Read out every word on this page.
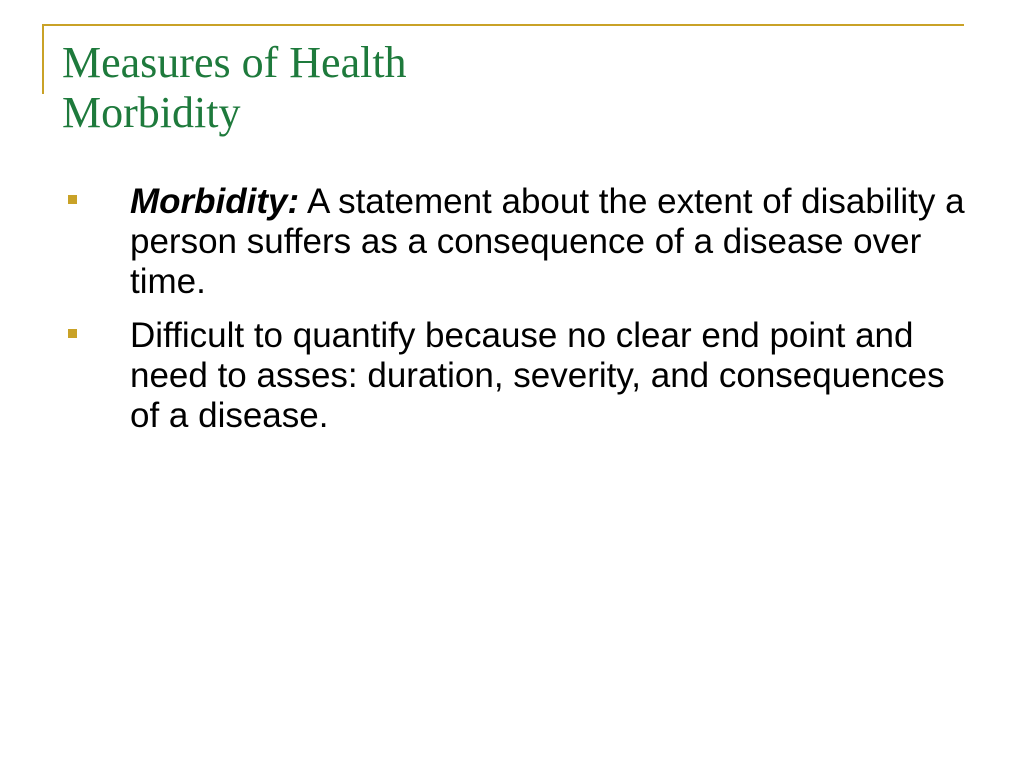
Measures of Health
Morbidity
Morbidity: A statement about the extent of disability a person suffers as a consequence of a disease over time.
Difficult to quantify because no clear end point and need to asses: duration, severity, and consequences of a disease.
